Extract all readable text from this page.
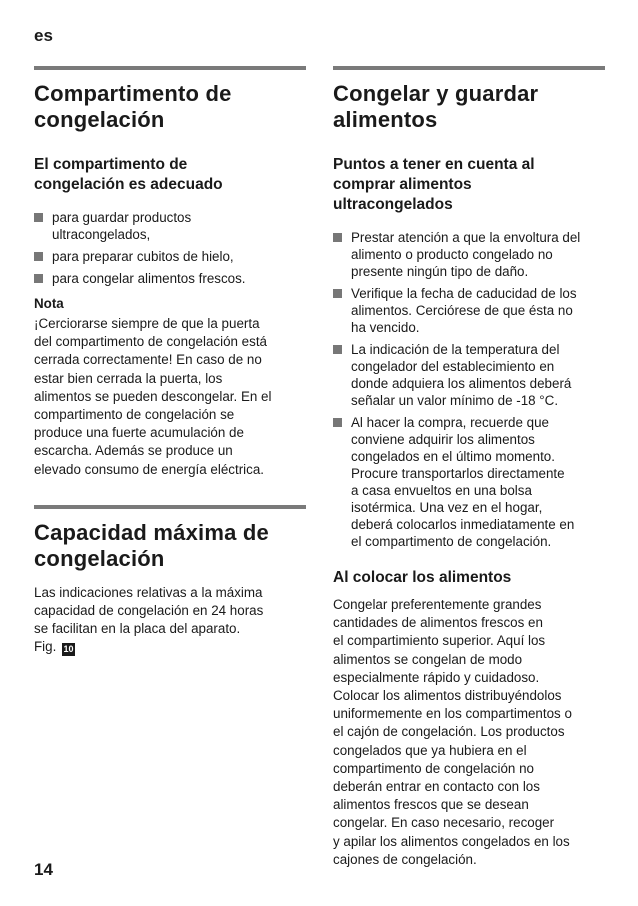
es
Compartimento de
congelación
El compartimento de
congelación es adecuado
para guardar productos
ultracongelados,
para preparar cubitos de hielo,
para congelar alimentos frescos.
Nota

¡Cerciorarse siempre de que la puerta
del compartimento de congelación está
cerrada correctamente! En caso de no
estar bien cerrada la puerta, los
alimentos se pueden descongelar. En el
compartimento de congelación se
produce una fuerte acumulación de
escarcha. Además se produce un
elevado consumo de energía eléctrica.

Capacidad máxima de
congelación

Las indicaciones relativas a la máxima
capacidad de congelación en 24 horas
se facilitan en la placa del aparato.
Fig. 10

Congelar y guardar
alimentos
Puntos a tener en cuenta al
comprar alimentos
ultracongelados
Prestar atención a que la envoltura del
alimento o producto congelado no
presente ningún tipo de daño.
Verifique la fecha de caducidad de los
alimentos. Cerciórese de que ésta no
ha vencido.
La indicación de la temperatura del
congelador del establecimiento en
donde adquiera los alimentos deberá
señalar un valor mínimo de -18 °C.
Al hacer la compra, recuerde que
conviene adquirir los alimentos
congelados en el último momento.
Procure transportarlos directamente
a casa envueltos en una bolsa
isotérmica. Una vez en el hogar,
deberá colocarlos inmediatamente en
el compartimento de congelación.
Al colocar los alimentos

Congelar preferentemente grandes
cantidades de alimentos frescos en
el compartimiento superior. Aquí los
alimentos se congelan de modo
especialmente rápido y cuidadoso.
Colocar los alimentos distribuyéndolos
uniformemente en los compartimentos o
el cajón de congelación. Los productos
congelados que ya hubiera en el
compartimento de congelación no
deberán entrar en contacto con los
alimentos frescos que se desean
congelar. En caso necesario, recoger
y apilar los alimentos congelados en los
cajones de congelación.

14
